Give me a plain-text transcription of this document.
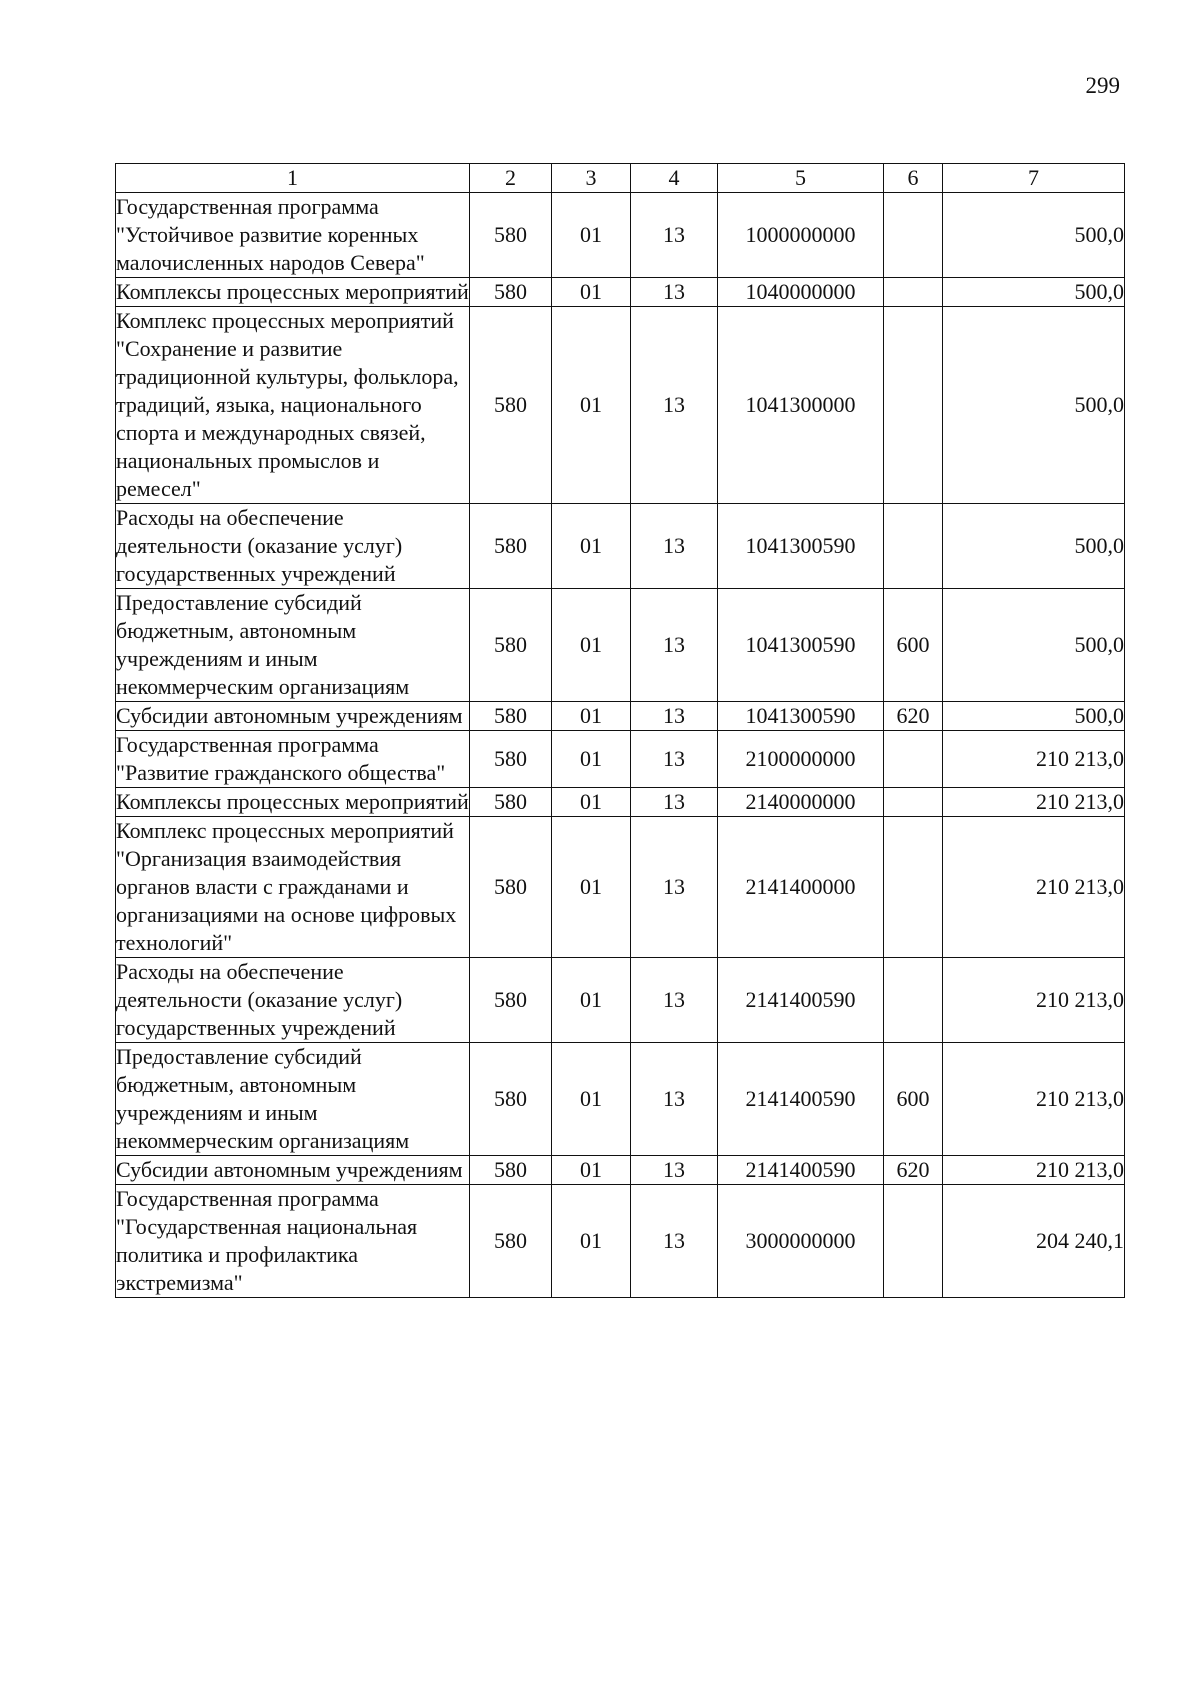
299
1	2	3	4	5	6	7
Государственная программа "Устойчивое развитие коренных малочисленных народов Севера"	580	01	13	1000000000		500,0
Комплексы процессных мероприятий	580	01	13	1040000000		500,0
Комплекс процессных мероприятий "Сохранение и развитие традиционной культуры, фольклора, традиций, языка, национального спорта и международных связей, национальных промыслов и ремесел"	580	01	13	1041300000		500,0
Расходы на обеспечение деятельности (оказание услуг) государственных учреждений	580	01	13	1041300590		500,0
Предоставление субсидий бюджетным, автономным учреждениям и иным некоммерческим организациям	580	01	13	1041300590	600	500,0
Субсидии автономным учреждениям	580	01	13	1041300590	620	500,0
Государственная программа "Развитие гражданского общества"	580	01	13	2100000000		210 213,0
Комплексы процессных мероприятий	580	01	13	2140000000		210 213,0
Комплекс процессных мероприятий "Организация взаимодействия органов власти с гражданами и организациями на основе цифровых технологий"	580	01	13	2141400000		210 213,0
Расходы на обеспечение деятельности (оказание услуг) государственных учреждений	580	01	13	2141400590		210 213,0
Предоставление субсидий бюджетным, автономным учреждениям и иным некоммерческим организациям	580	01	13	2141400590	600	210 213,0
Субсидии автономным учреждениям	580	01	13	2141400590	620	210 213,0
Государственная программа "Государственная национальная политика и профилактика экстремизма"	580	01	13	3000000000		204 240,1
